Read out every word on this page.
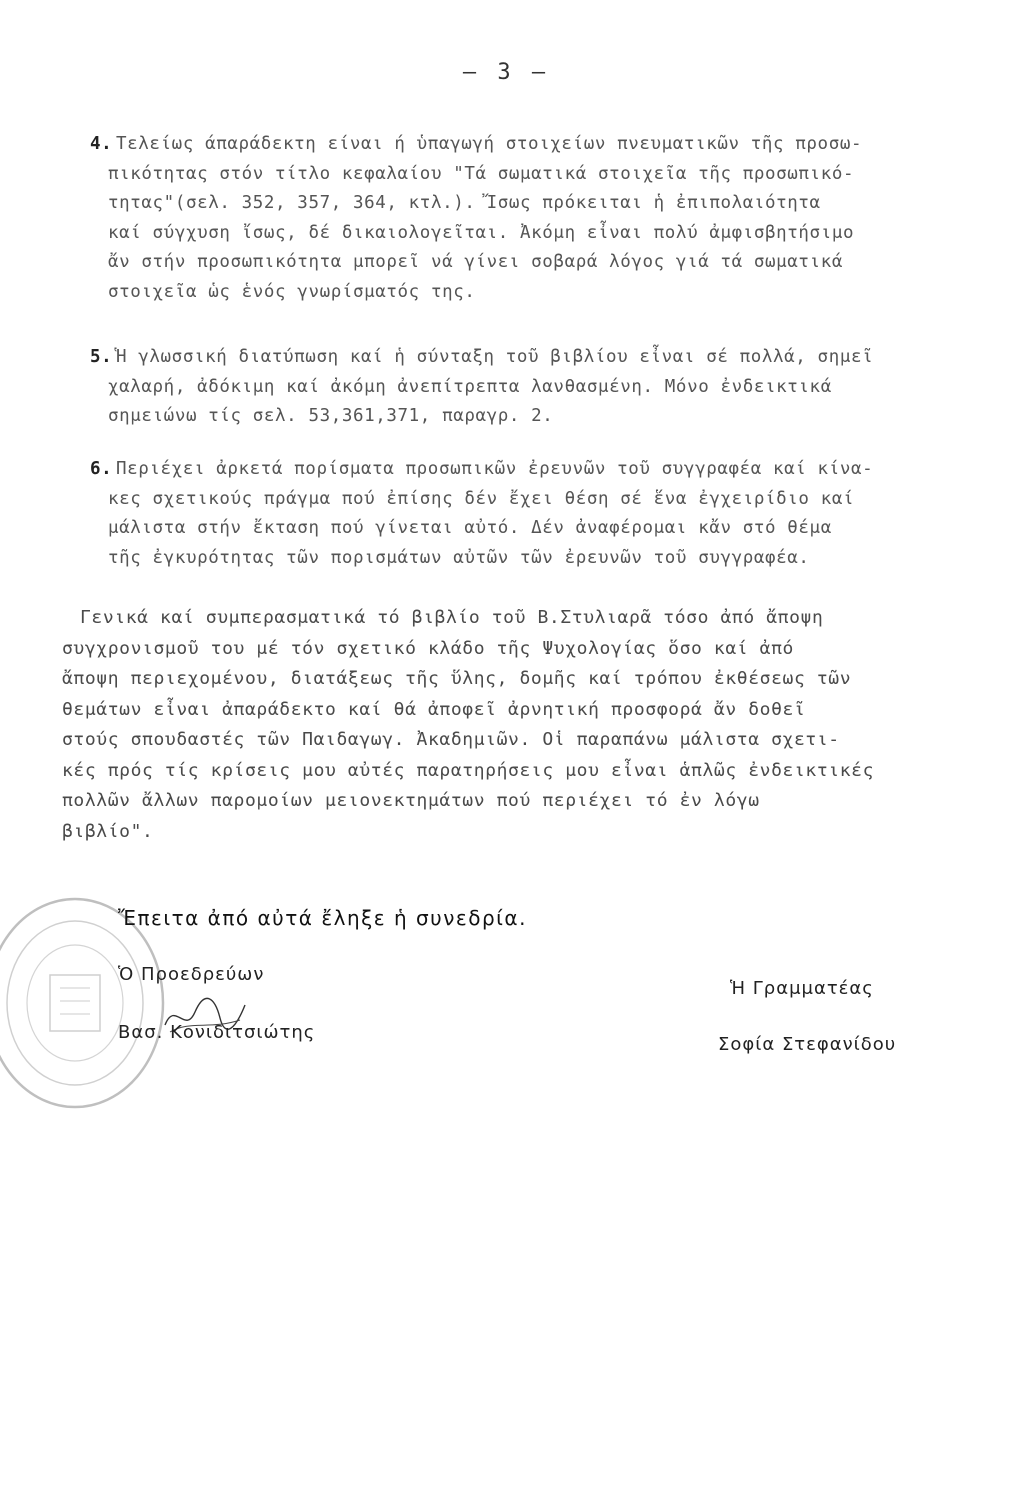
– 3 –
4. Τελείως άπαράδεκτη είναι ή ὑπαγωγή στοιχείων πνευματικῶν τῆς προσω-
πικότητας στόν τίτλο κεφαλαίου "Τά σωματικά στοιχεῖα τῆς προσωπικό-
τητας"(σελ. 352, 357, 364, κτλ.). Ἴσως πρόκειται ἡ ἐπιπολαιότητα
καί σύγχυση ἴσως, δέ δικαιολογεῖται. Ἀκόμη εἶναι πολύ ἀμφισβητήσιμο
ἄν στήν προσωπικότητα μπορεῖ νά γίνει σοβαρά λόγος γιά τά σωματικά
στοιχεῖα ὡς ἑνός γνωρίσματός της.
5. Ἡ γλωσσική διατύπωση καί ἡ σύνταξη τοῦ βιβλίου εἶναι σέ πολλά, σημεῖ
χαλαρή, ἀδόκιμη καί ἀκόμη ἀνεπίτρεπτα λανθασμένη. Μόνο ἐνδεικτικά
σημειώνω τίς σελ. 53,361,371, παραγρ. 2.
6. Περιέχει ἀρκετά πορίσματα προσωπικῶν ἐρευνῶν τοῦ συγγραφέα καί κίνα-
κες σχετικούς πράγμα πού ἐπίσης δέν ἔχει θέση σέ ἕνα ἐγχειρίδιο καί
μάλιστα στήν ἔκταση πού γίνεται αὐτό. Δέν ἀναφέρομαι κἄν στό θέμα
τῆς ἐγκυρότητας τῶν πορισμάτων αὐτῶν τῶν ἐρευνῶν τοῦ συγγραφέα.
Γενικά καί συμπερασματικά τό βιβλίο τοῦ Β.Στυλιαρᾶ τόσο ἀπό ἄποψη
συγχρονισμοῦ του μέ τόν σχετικό κλάδο τῆς Ψυχολογίας ὅσο καί ἀπό
ἄποψη περιεχομένου, διατάξεως τῆς ὕλης, δομῆς καί τρόπου ἐκθέσεως τῶν
θεμάτων εἶναι ἀπαράδεκτο καί θά ἀποφεῖ ἀρνητική προσφορά ἄν δοθεῖ
στούς σπουδαστές τῶν Παιδαγωγ. Ἀκαδημιῶν. Οἱ παραπάνω μάλιστα σχετι-
κές πρός τίς κρίσεις μου αὐτές παρατηρήσεις μου εἶναι ἁπλῶς ἐνδεικτικές
πολλῶν ἄλλων παρομοίων μειονεκτημάτων πού περιέχει τό ἐν λόγω
βιβλίο".
Ἔπειτα ἀπό αὐτά ἔληξε ἡ συνεδρία.
Ὁ Προεδρεύων
Βασ. Κονιδιτσιώτης
Ἡ Γραμματέας
Σοφία Στεφανίδου
